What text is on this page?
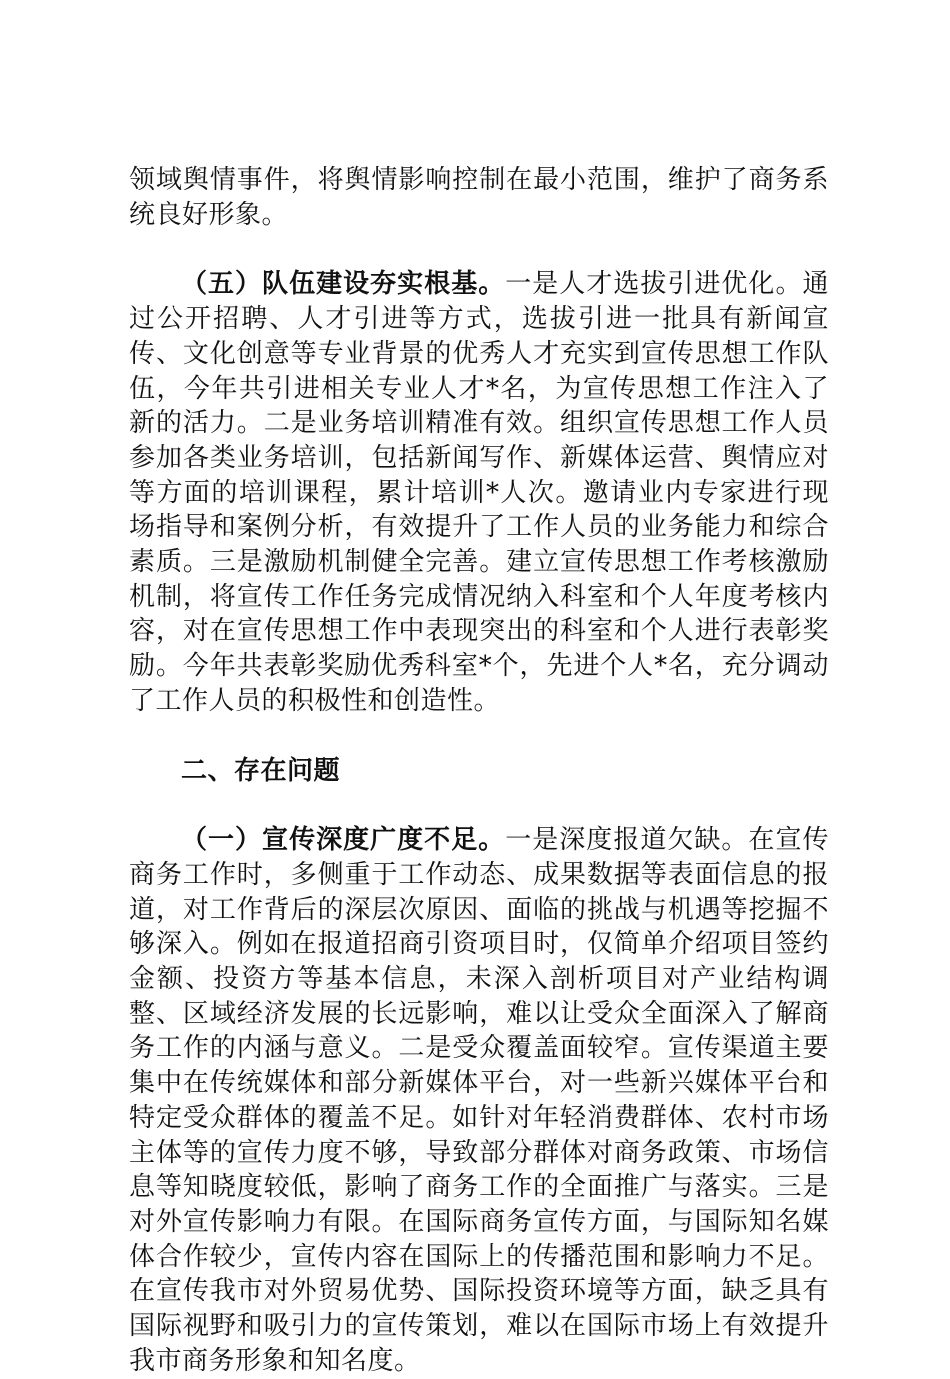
领域舆情事件，将舆情影响控制在最小范围，维护了商务系统良好形象。

（五）队伍建设夯实根基。一是人才选拔引进优化。通过公开招聘、人才引进等方式，选拔引进一批具有新闻宣传、文化创意等专业背景的优秀人才充实到宣传思想工作队伍，今年共引进相关专业人才*名，为宣传思想工作注入了新的活力。二是业务培训精准有效。组织宣传思想工作人员参加各类业务培训，包括新闻写作、新媒体运营、舆情应对等方面的培训课程，累计培训*人次。邀请业内专家进行现场指导和案例分析，有效提升了工作人员的业务能力和综合素质。三是激励机制健全完善。建立宣传思想工作考核激励机制，将宣传工作任务完成情况纳入科室和个人年度考核内容，对在宣传思想工作中表现突出的科室和个人进行表彰奖励。今年共表彰奖励优秀科室*个，先进个人*名，充分调动了工作人员的积极性和创造性。

二、存在问题

（一）宣传深度广度不足。一是深度报道欠缺。在宣传商务工作时，多侧重于工作动态、成果数据等表面信息的报道，对工作背后的深层次原因、面临的挑战与机遇等挖掘不够深入。例如在报道招商引资项目时，仅简单介绍项目签约金额、投资方等基本信息，未深入剖析项目对产业结构调整、区域经济发展的长远影响，难以让受众全面深入了解商务工作的内涵与意义。二是受众覆盖面较窄。宣传渠道主要集中在传统媒体和部分新媒体平台，对一些新兴媒体平台和特定受众群体的覆盖不足。如针对年轻消费群体、农村市场主体等的宣传力度不够，导致部分群体对商务政策、市场信息等知晓度较低，影响了商务工作的全面推广与落实。三是对外宣传影响力有限。在国际商务宣传方面，与国际知名媒体合作较少，宣传内容在国际上的传播范围和影响力不足。在宣传我市对外贸易优势、国际投资环境等方面，缺乏具有国际视野和吸引力的宣传策划，难以在国际市场上有效提升我市商务形象和知名度。
